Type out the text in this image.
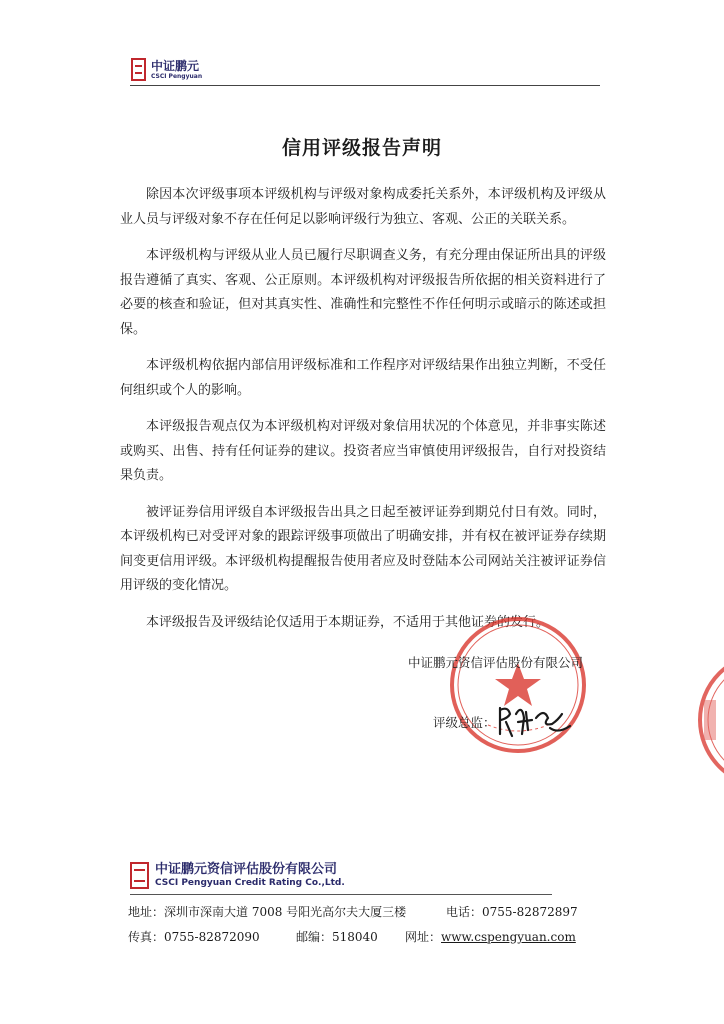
中证鹏元
CSCI Pengyuan
信用评级报告声明

除因本次评级事项本评级机构与评级对象构成委托关系外，本评级机构及评级从业人员与评级对象不存在任何足以影响评级行为独立、客观、公正的关联关系。

本评级机构与评级从业人员已履行尽职调查义务，有充分理由保证所出具的评级报告遵循了真实、客观、公正原则。本评级机构对评级报告所依据的相关资料进行了必要的核查和验证，但对其真实性、准确性和完整性不作任何明示或暗示的陈述或担保。

本评级机构依据内部信用评级标准和工作程序对评级结果作出独立判断，不受任何组织或个人的影响。

本评级报告观点仅为本评级机构对评级对象信用状况的个体意见，并非事实陈述或购买、出售、持有任何证券的建议。投资者应当审慎使用评级报告，自行对投资结果负责。

被评证券信用评级自本评级报告出具之日起至被评证券到期兑付日有效。同时，本评级机构已对受评对象的跟踪评级事项做出了明确安排，并有权在被评证券存续期间变更信用评级。本评级机构提醒报告使用者应及时登陆本公司网站关注被评证券信用评级的变化情况。

本评级报告及评级结论仅适用于本期证券，不适用于其他证券的发行。

中证鹏元资信评估股份有限公司
评级总监：
中证鹏元资信评估股份有限公司
CSCI Pengyuan Credit Rating Co.,Ltd.
地址：深圳市深南大道 7008 号阳光高尔夫大厦三楼	电话：0755-82872897
传真：0755-82872090	邮编：518040 网址：www.cspengyuan.com
